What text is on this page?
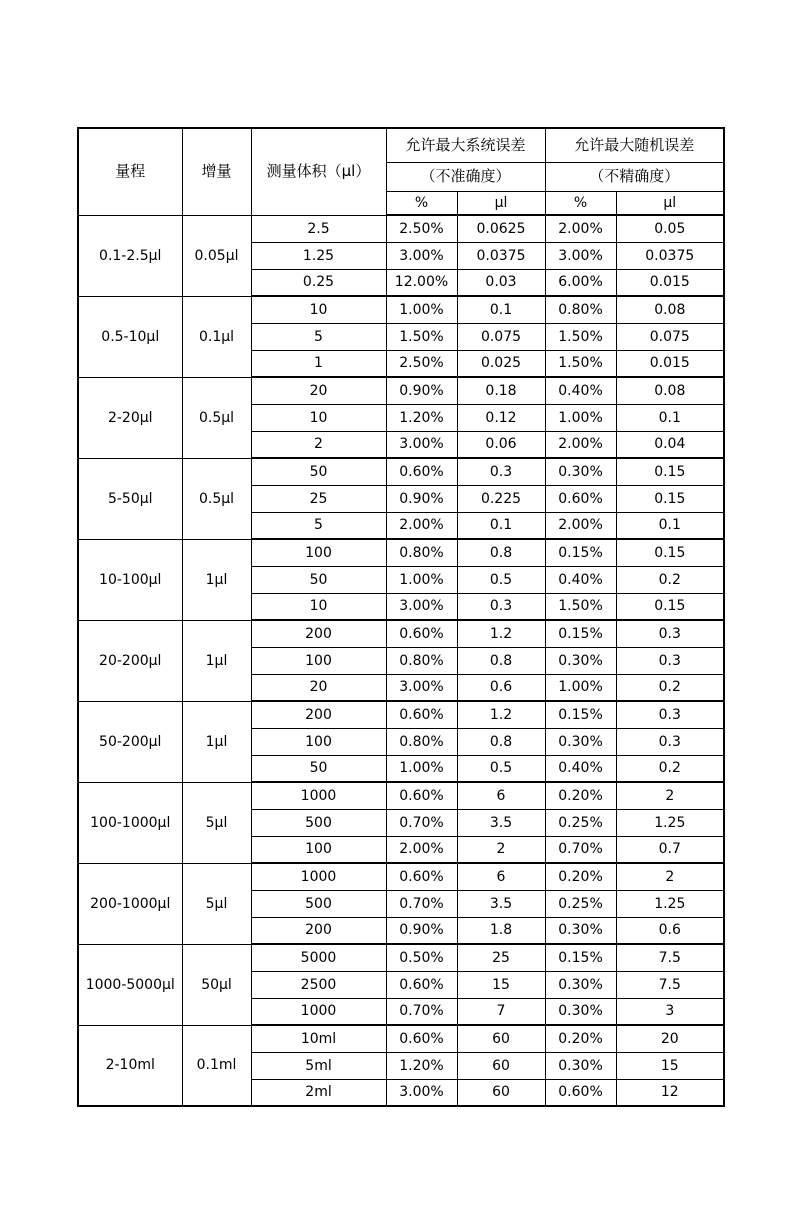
量程	增量	测量体积（µl）	允许最大系统误差		允许最大随机误差	
			（不准确度）		（不精确度）	
			%	µl	%	µl
0.1-2.5µl	0.05µl	2.5	2.50%	0.0625	2.00%	0.05
		1.25	3.00%	0.0375	3.00%	0.0375
		0.25	12.00%	0.03	6.00%	0.015
0.5-10µl	0.1µl	10	1.00%	0.1	0.80%	0.08
		5	1.50%	0.075	1.50%	0.075
		1	2.50%	0.025	1.50%	0.015
2-20µl	0.5µl	20	0.90%	0.18	0.40%	0.08
		10	1.20%	0.12	1.00%	0.1
		2	3.00%	0.06	2.00%	0.04
5-50µl	0.5µl	50	0.60%	0.3	0.30%	0.15
		25	0.90%	0.225	0.60%	0.15
		5	2.00%	0.1	2.00%	0.1
10-100µl	1µl	100	0.80%	0.8	0.15%	0.15
		50	1.00%	0.5	0.40%	0.2
		10	3.00%	0.3	1.50%	0.15
20-200µl	1µl	200	0.60%	1.2	0.15%	0.3
		100	0.80%	0.8	0.30%	0.3
		20	3.00%	0.6	1.00%	0.2
50-200µl	1µl	200	0.60%	1.2	0.15%	0.3
		100	0.80%	0.8	0.30%	0.3
		50	1.00%	0.5	0.40%	0.2
100-1000µl	5µl	1000	0.60%	6	0.20%	2
		500	0.70%	3.5	0.25%	1.25
		100	2.00%	2	0.70%	0.7
200-1000µl	5µl	1000	0.60%	6	0.20%	2
		500	0.70%	3.5	0.25%	1.25
		200	0.90%	1.8	0.30%	0.6
1000-5000µl	50µl	5000	0.50%	25	0.15%	7.5
		2500	0.60%	15	0.30%	7.5
		1000	0.70%	7	0.30%	3
2-10ml	0.1ml	10ml	0.60%	60	0.20%	20
		5ml	1.20%	60	0.30%	15
		2ml	3.00%	60	0.60%	12
